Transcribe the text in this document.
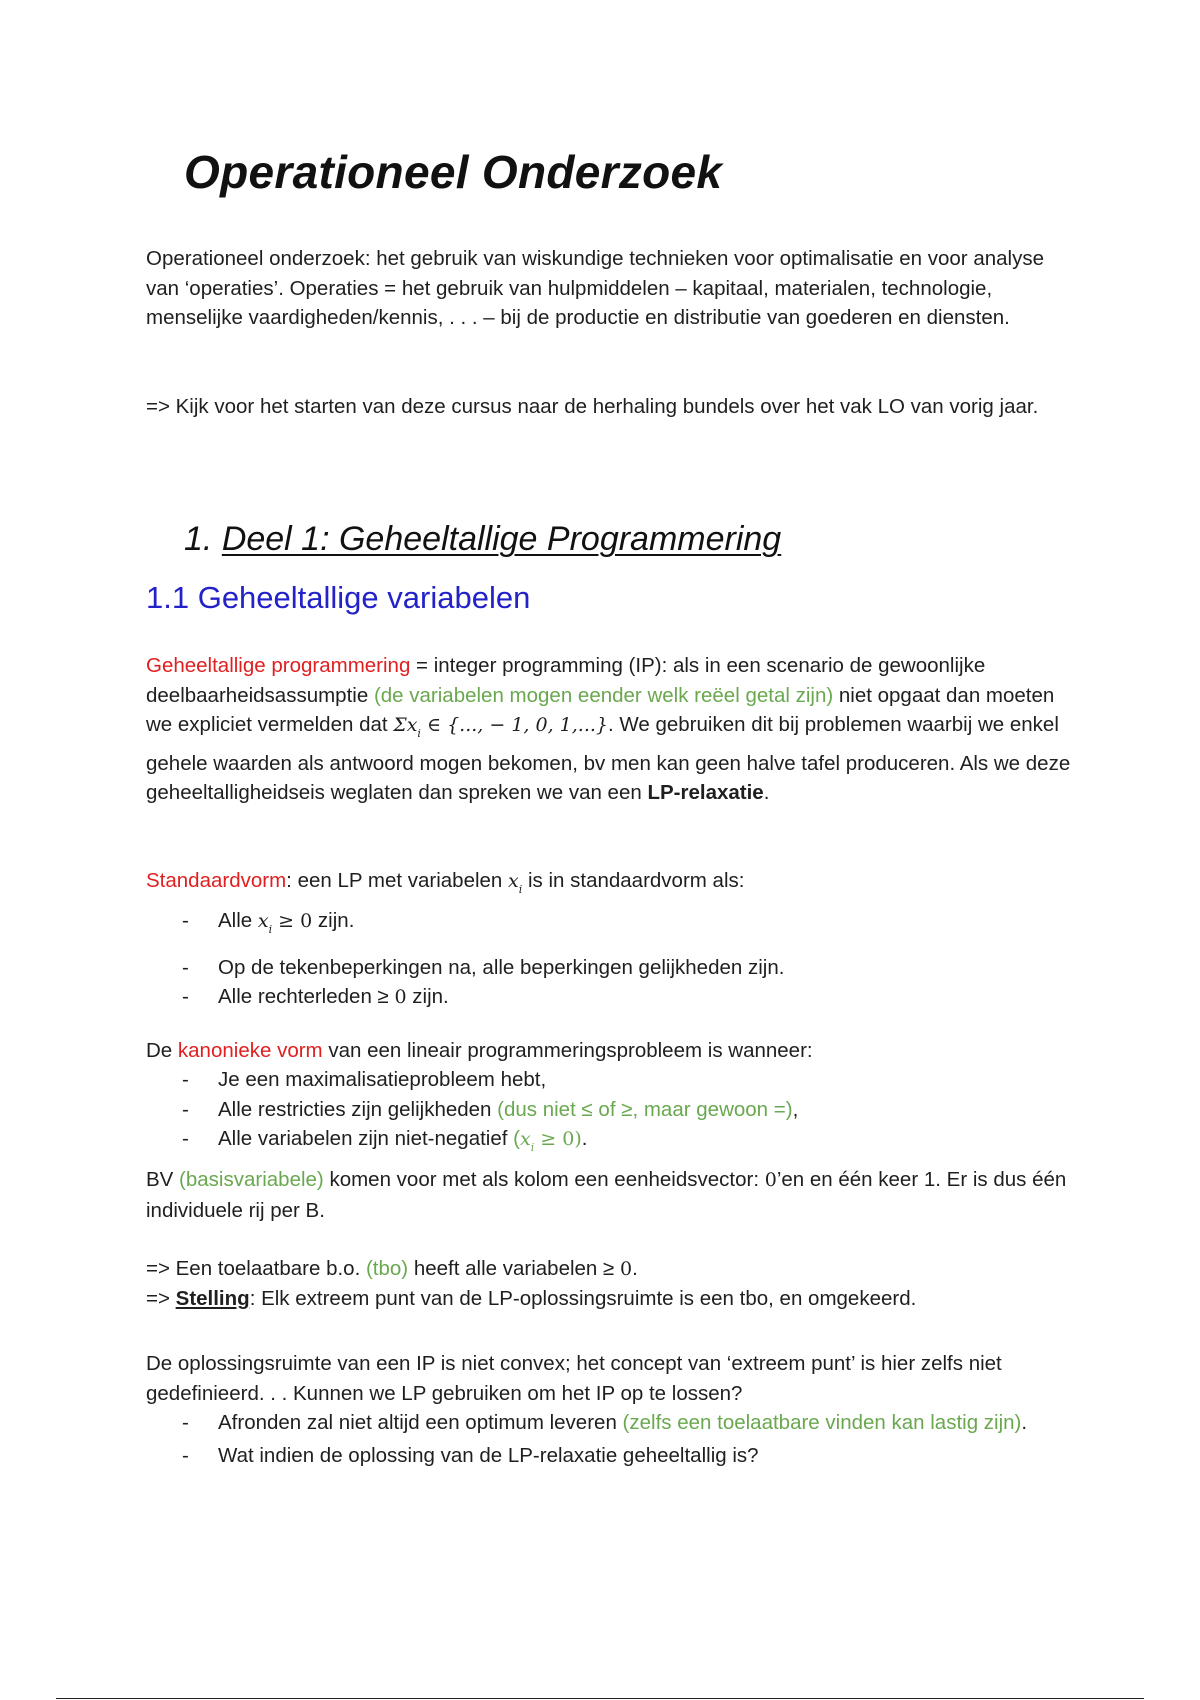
Operationeel Onderzoek

Operationeel onderzoek: het gebruik van wiskundige technieken voor optimalisatie en voor analyse van ‘operaties’. Operaties = het gebruik van hulpmiddelen – kapitaal, materialen, technologie, menselijke vaardigheden/kennis, . . . – bij de productie en distributie van goederen en diensten.

=> Kijk voor het starten van deze cursus naar de herhaling bundels over het vak LO van vorig jaar.

1. Deel 1: Geheeltallige Programmering
1.1 Geheeltallige variabelen

Geheeltallige programmering = integer programming (IP): als in een scenario de gewoonlijke deelbaarheidsassumptie (de variabelen mogen eender welk reëel getal zijn) niet opgaat dan moeten we expliciet vermelden dat $\Sigma x_i$ ∈ {..., − 1, 0, 1,...}. We gebruiken dit bij problemen waarbij we enkel gehele waarden als antwoord mogen bekomen, bv men kan geen halve tafel produceren. Als we deze geheeltalligheidseis weglaten dan spreken we van een LP-relaxatie.

Standaardvorm: een LP met variabelen $x_i$ is in standaardvorm als:

- Alle $x_i \ge 0$ zijn.
- Op de tekenbeperkingen na, alle beperkingen gelijkheden zijn.
- Alle rechterleden ≥ 0 zijn.

De kanonieke vorm van een lineair programmeringsprobleem is wanneer:

- Je een maximalisatieprobleem hebt,
- Alle restricties zijn gelijkheden (dus niet ≤ of ≥, maar gewoon =),
- Alle variabelen zijn niet-negatief $(x_i \ge 0)$.

BV (basisvariabele) komen voor met als kolom een eenheidsvector: 0’en en één keer 1. Er is dus één individuele rij per B.

=> Een toelaatbare b.o. (tbo) heeft alle variabelen ≥ 0.

=> Stelling: Elk extreem punt van de LP-oplossingsruimte is een tbo, en omgekeerd.

De oplossingsruimte van een IP is niet convex; het concept van ‘extreem punt’ is hier zelfs niet gedefinieerd. . . Kunnen we LP gebruiken om het IP op te lossen?

- Afronden zal niet altijd een optimum leveren (zelfs een toelaatbare vinden kan lastig zijn).
- Wat indien de oplossing van de LP-relaxatie geheeltallig is?
